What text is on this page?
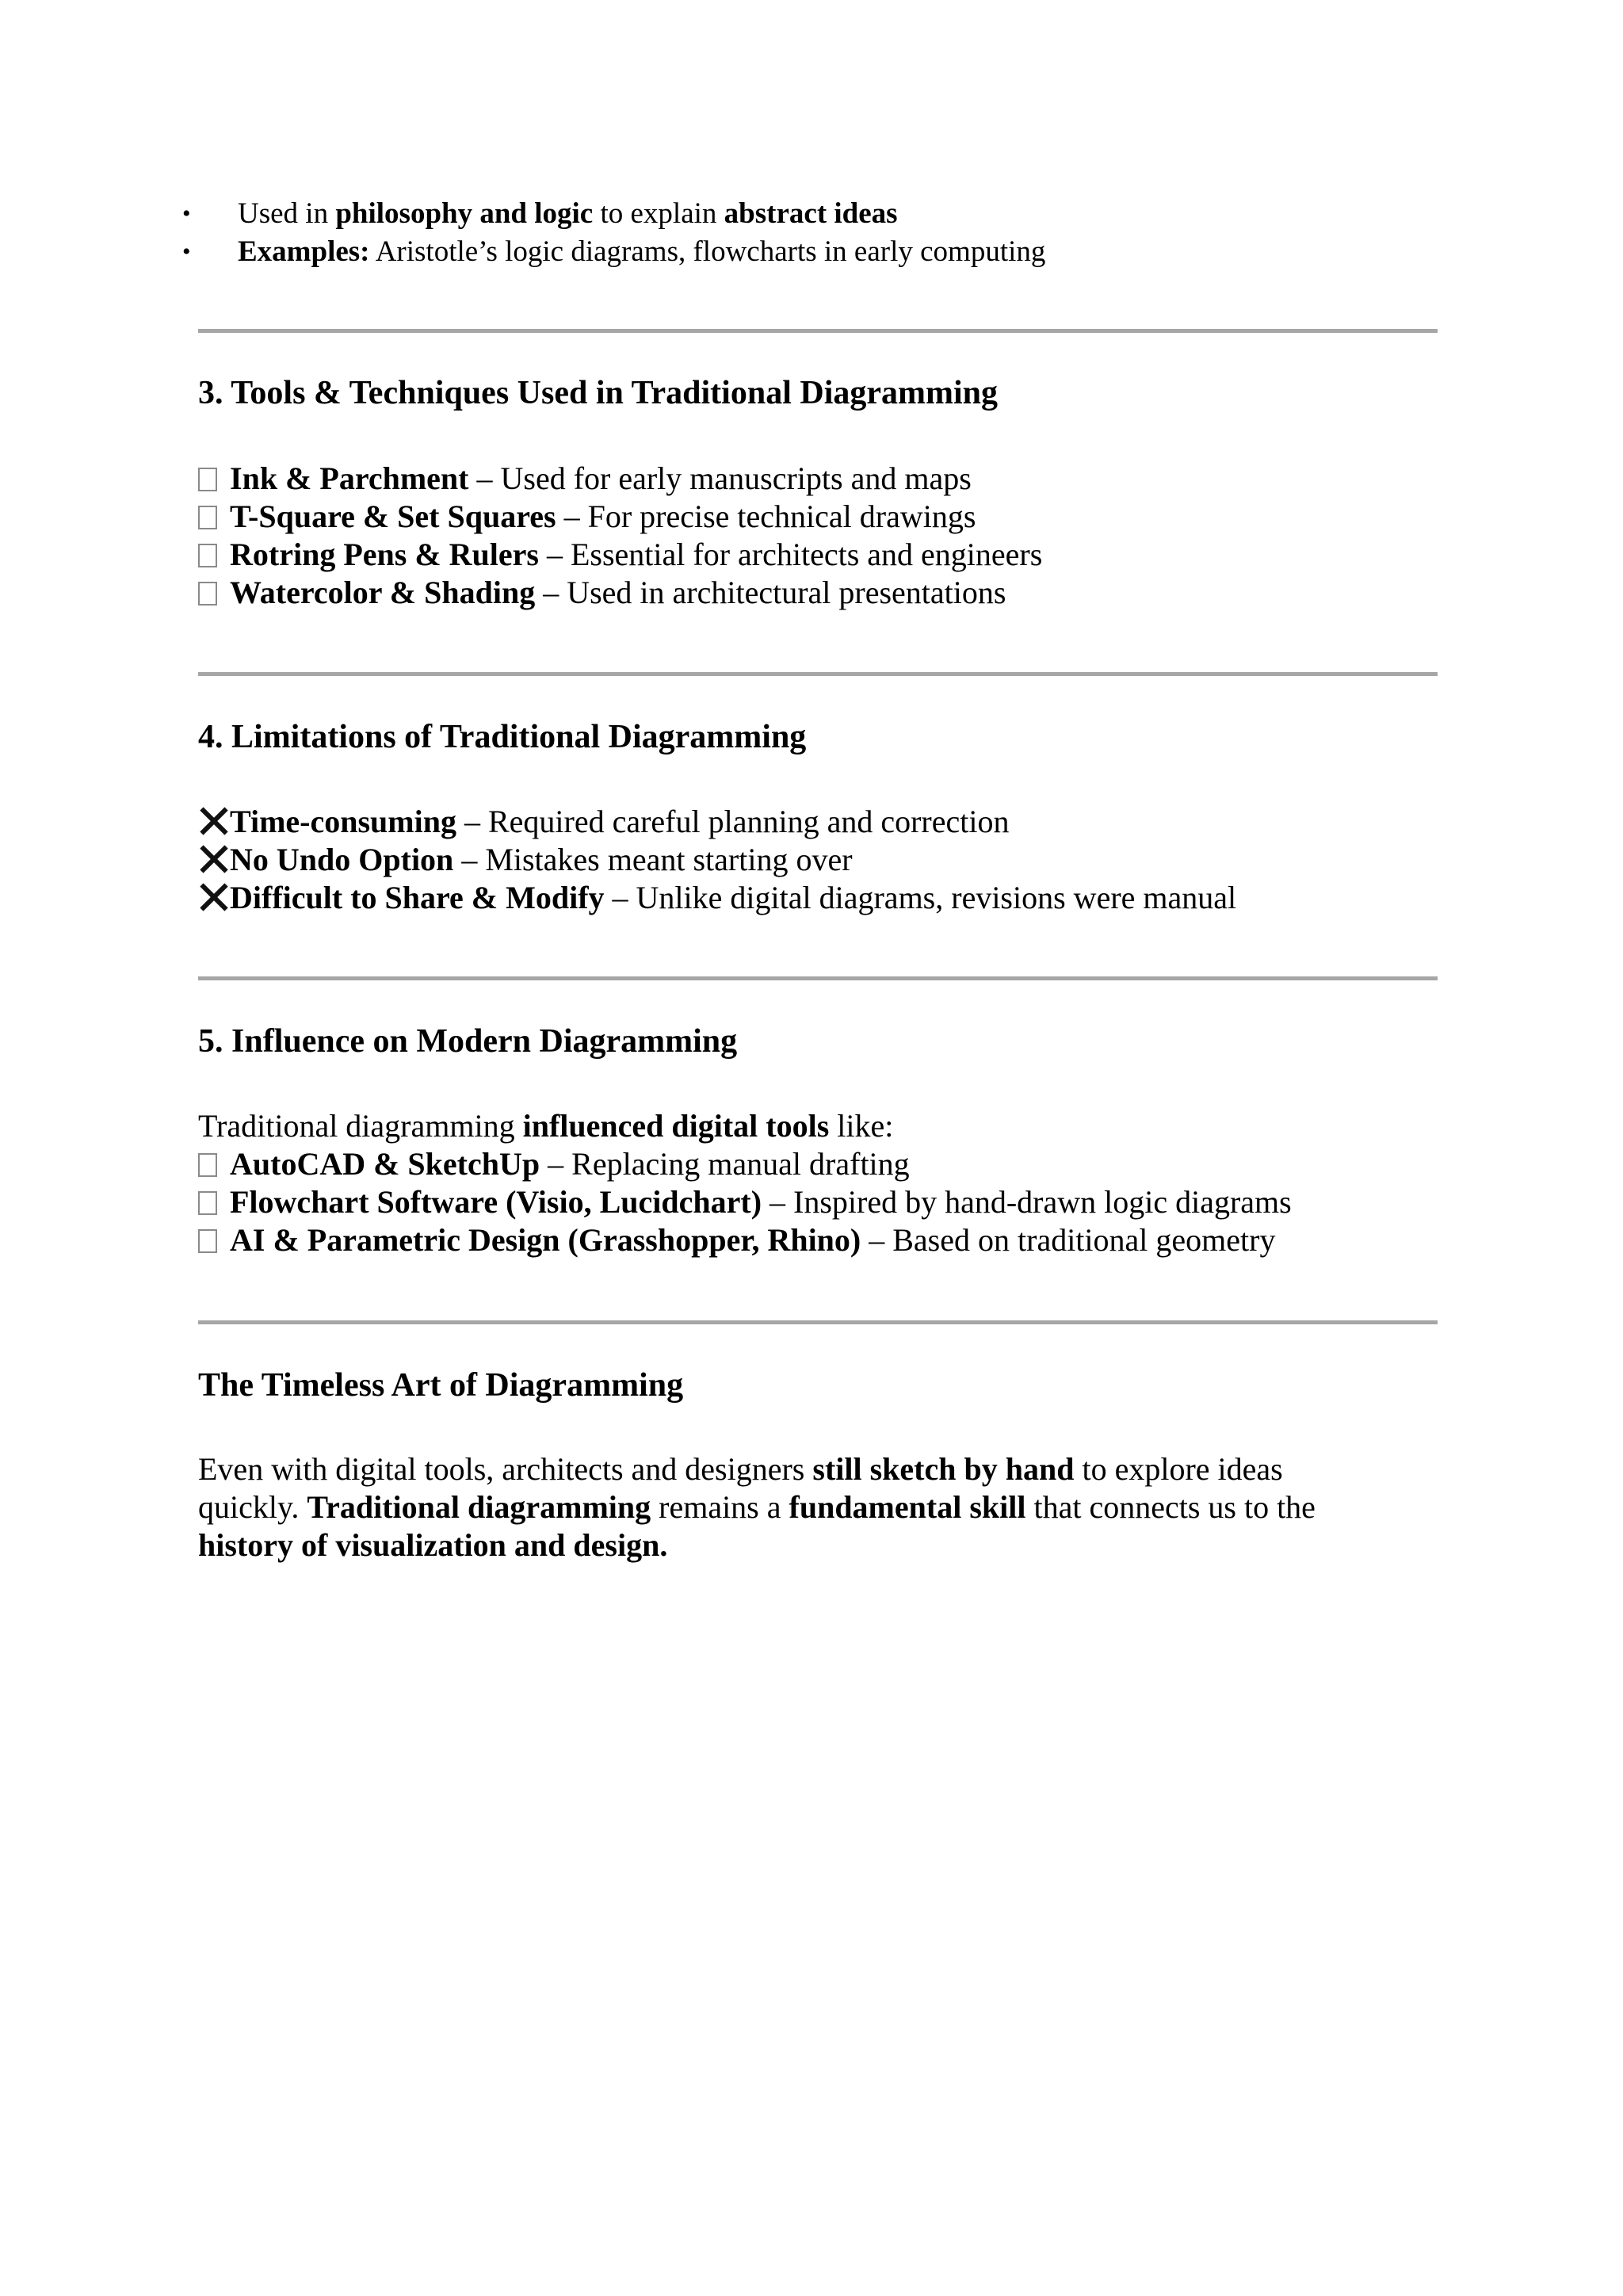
• Used in philosophy and logic to explain abstract ideas
• Examples: Aristotle’s logic diagrams, flowcharts in early computing
3. Tools & Techniques Used in Traditional Diagramming
Ink & Parchment – Used for early manuscripts and maps
T-Square & Set Squares – For precise technical drawings
Rotring Pens & Rulers – Essential for architects and engineers
Watercolor & Shading – Used in architectural presentations
4. Limitations of Traditional Diagramming
Time-consuming – Required careful planning and correction
No Undo Option – Mistakes meant starting over
Difficult to Share & Modify – Unlike digital diagrams, revisions were manual
5. Influence on Modern Diagramming
Traditional diagramming influenced digital tools like:
AutoCAD & SketchUp – Replacing manual drafting
Flowchart Software (Visio, Lucidchart) – Inspired by hand-drawn logic diagrams
AI & Parametric Design (Grasshopper, Rhino) – Based on traditional geometry
The Timeless Art of Diagramming

Even with digital tools, architects and designers still sketch by hand to explore ideas
quickly. Traditional diagramming remains a fundamental skill that connects us to the
history of visualization and design.
